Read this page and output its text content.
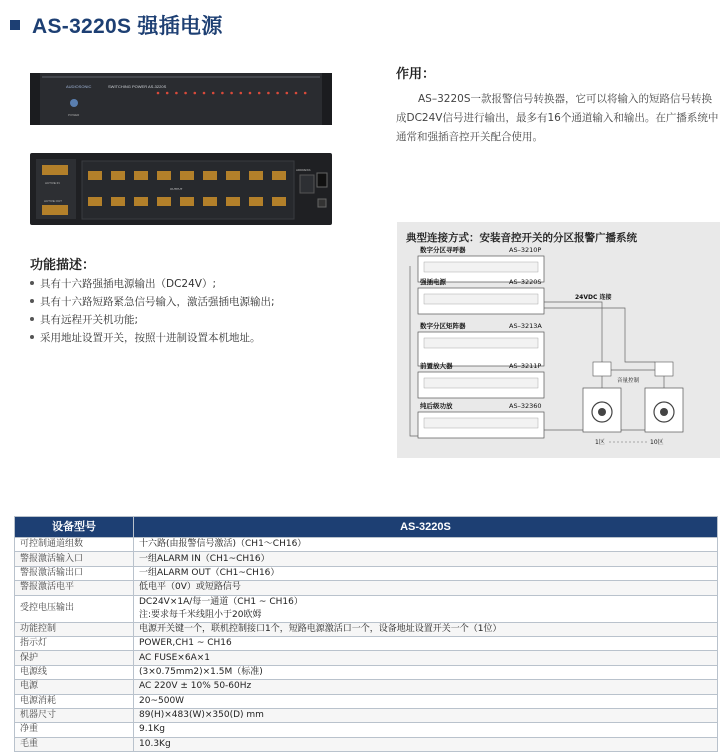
AS-3220S 强插电源
AUDIOSONIC	SWITCHING POWER AS-3220S
POWER
ACTIVE IN
ACTIVE OUT
OUTPUT
ADDRESS
功能描述：
具有十六路强插电源输出（DC24V）;
具有十六路短路紧急信号输入，激活强插电源输出;
具有远程开关机功能;
采用地址设置开关，按照十进制设置本机地址。
作用：

AS–3220S一款报警信号转换器，它可以将输入的短路信号转换成DC24V信号进行输出，最多有16个通道输入和输出。在广播系统中通常和强插音控开关配合使用。

典型连接方式：安装音控开关的分区报警广播系统
数字分区寻呼器	AS–3210P
强插电源	AS–3220S
数字分区矩阵器	AS–3213A
前置放大器	AS–3211P
纯后级功放	AS–32360
24VDC 连接
音量控制
1区	10区
设备型号	AS-3220S
可控制通道组数	十六路(由报警信号激活)（CH1～CH16）

警报激活输入口	一组ALARM IN（CH1~CH16）

警报激活输出口	一组ALARM OUT（CH1~CH16）

警报激活电平	低电平（0V）或短路信号

受控电压输出	DC24V×1A/每一通道（CH1 ~ CH16）
注:要求每千米线阻小于20欧姆

功能控制	电源开关键一个，联机控制接口1个，短路电源激活口一个，设备地址设置开关一个（1位）

指示灯	POWER,CH1 ~ CH16

保护	AC FUSE×6A×1

电源线	(3×0.75mm2)×1.5M（标准)

电源	AC 220V ± 10% 50-60Hz

电源消耗	20~500W

机器尺寸	89(H)×483(W)×350(D) mm

净重	9.1Kg

毛重	10.3Kg
